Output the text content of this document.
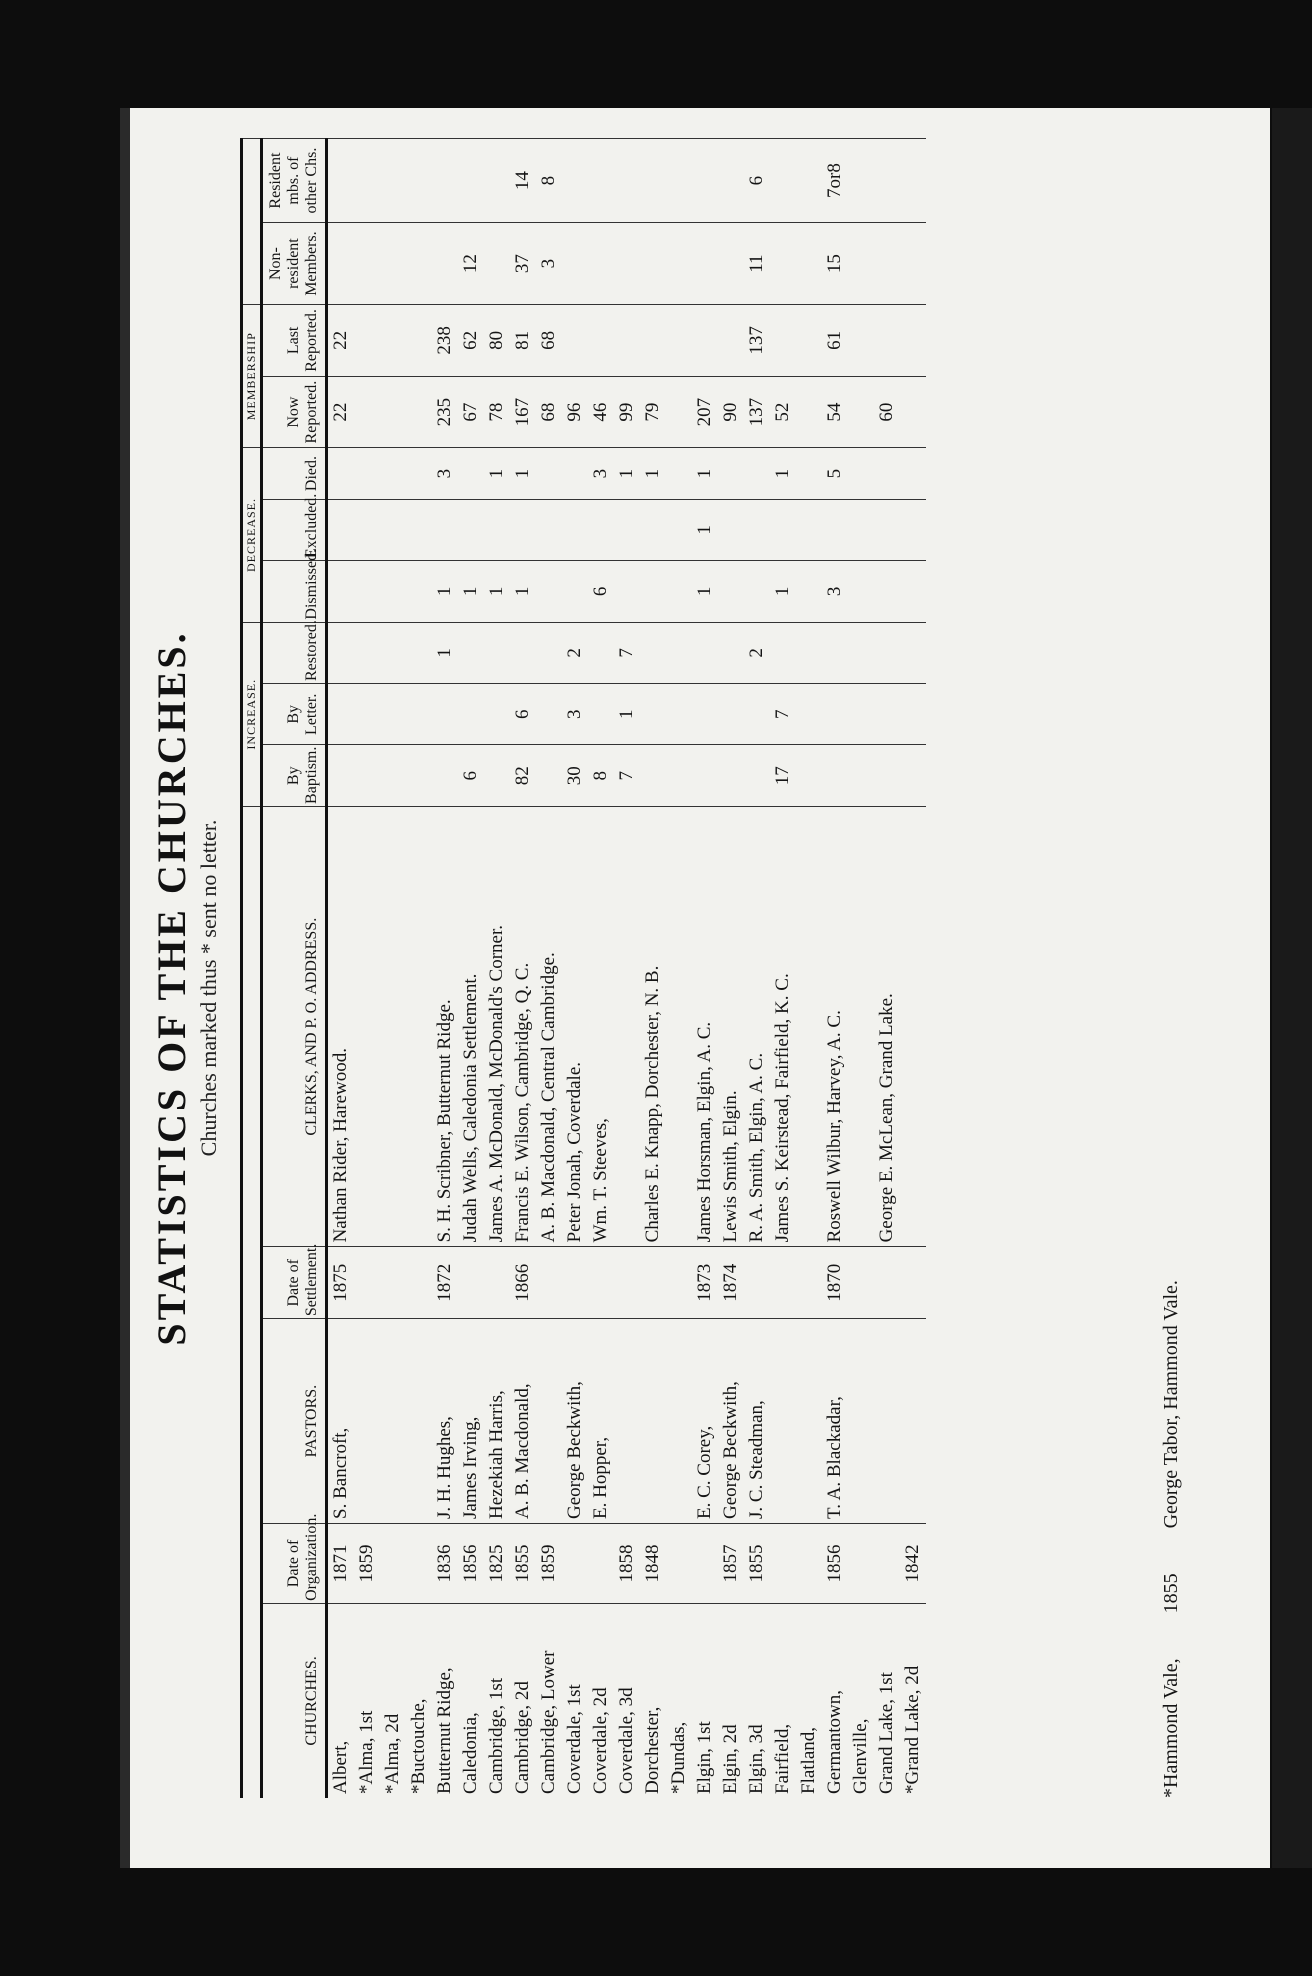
STATISTICS OF THE CHURCHES. Churches marked thus * sent no letter.
					INCREASE.			DECREASE.			MEMBERSHIP			
CHURCHES.	Date of Organization.	PASTORS.	Date of Settlement.	CLERKS, AND P. O. ADDRESS.	By Baptism.	By Letter.	Restored.	Dismissed.	Excluded.	Died.	Now Reported.	Last Reported.	Non-resident Members.	Resident mbs. of other Chs.
Albert,	1871	S. Bancroft,	1875	Nathan Rider, Harewood.							22	22		
*Alma, 1st	1859													
*Alma, 2d														
*Buctouche,														
Butternut Ridge,	1836	J. H. Hughes,	1872	S. H. Scribner, Butternut Ridge.			1	1		3	235	238		
Caledonia,	1856	James Irving,		Judah Wells, Caledonia Settlement.	6			1			67	62	12	
Cambridge, 1st	1825	Hezekiah Harris,		James A. McDonald, McDonald's Corner.				1		1	78	80		
Cambridge, 2d	1855	A. B. Macdonald,	1866	Francis E. Wilson, Cambridge, Q. C.	82	6		1		1	167	81	37	14
Cambridge, Lower	1859			A. B. Macdonald, Central Cambridge.							68	68	3	8
Coverdale, 1st		George Beckwith,		Peter Jonah, Coverdale.	30	3	2				96			
Coverdale, 2d		E. Hopper,		Wm. T. Steeves,	8			6		3	46			
Coverdale, 3d	1858				7	1	7			1	99			
Dorchester,	1848			Charles E. Knapp, Dorchester, N. B.						1	79			
*Dundas,														
Elgin, 1st		E. C. Corey,	1873	James Horsman, Elgin, A. C.				1	1	1	207			
Elgin, 2d	1857	George Beckwith,	1874	Lewis Smith, Elgin.							90			
Elgin, 3d	1855	J. C. Steadman,		R. A. Smith, Elgin, A. C.			2				137	137	11	6
Fairfield,				James S. Keirstead, Fairfield, K. C.	17	7		1		1	52			
Flatland,														
Germantown,	1856	T. A. Blackadar,	1870	Roswell Wilbur, Harvey, A. C.				3		5	54	61	15	7or8
Glenville,														
Grand Lake, 1st				George E. McLean, Grand Lake.							60			
*Grand Lake, 2d	1842													
*Hammond Vale, 1855 George Tabor, Hammond Vale.
